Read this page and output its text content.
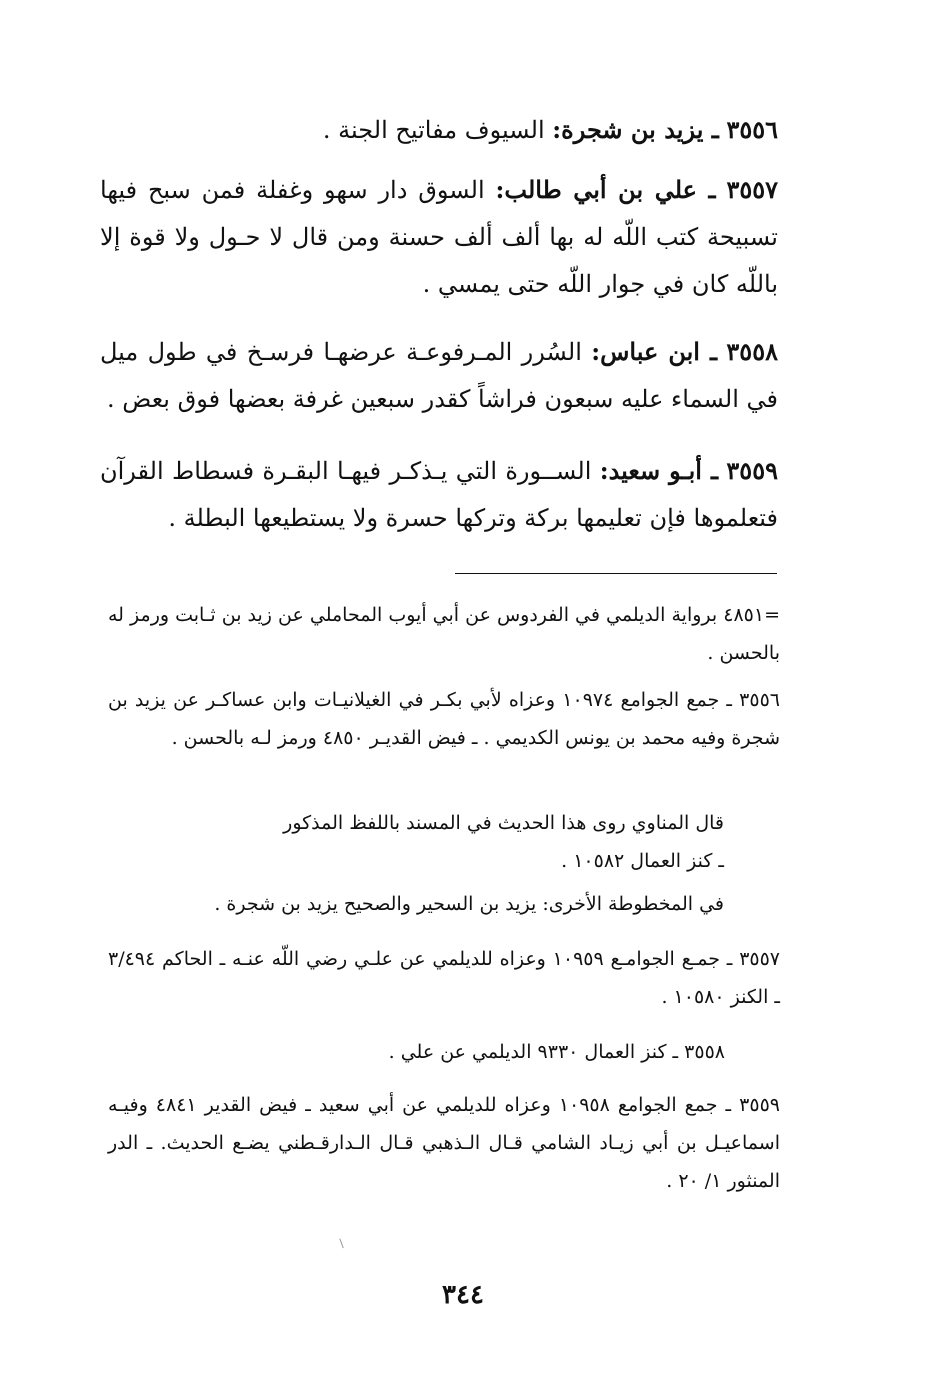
٣٥٥٦ ـ يزيد بن شجرة: السيوف مفاتيح الجنة .

٣٥٥٧ ـ علي بن أبي طالب: السوق دار سهو وغفلة فمن سبح فيها تسبيحة كتب اللّه له بها ألف ألف حسنة ومن قال لا حـول ولا قوة إلا باللّه كان في جوار اللّه حتى يمسي .

٣٥٥٨ ـ ابن عباس: السُرر المـرفوعـة عرضهـا فرسـخ في طول ميل في السماء عليه سبعون فراشاً كقدر سبعين غرفة بعضها فوق بعض .

٣٥٥٩ ـ أبـو سعيد: الســورة التي يـذكـر فيهـا البقـرة فسطاط القرآن فتعلموها فإن تعليمها بركة وتركها حسرة ولا يستطيعها البطلة .

=٤٨٥١ برواية الديلمي في الفردوس عن أبي أيوب المحاملي عن زيد بن ثـابت ورمز له بالحسن .

٣٥٥٦ ـ جمع الجوامع ١٠٩٧٤ وعزاه لأبي بكـر في الغيلانيـات وابن عساكـر عن يزيد بن شجرة وفيه محمد بن يونس الكديمي . ـ فيض القديـر ٤٨٥٠ ورمز لـه بالحسن .

قال المناوي روى هذا الحديث في المسند باللفظ المذكور

ـ كنز العمال ١٠٥٨٢ .

في المخطوطة الأخرى: يزيد بن السحير والصحيح يزيد بن شجرة .

٣٥٥٧ ـ جمـع الجوامـع ١٠٩٥٩ وعزاه للديلمي عن علـي رضي اللّه عنـه ـ الحاكم ٣/٤٩٤ ـ الكنز ١٠٥٨٠ .

٣٥٥٨ ـ كنز العمال ٩٣٣٠ الديلمي عن علي .

٣٥٥٩ ـ جمع الجوامع ١٠٩٥٨ وعزاه للديلمي عن أبي سعيد ـ فيض القدير ٤٨٤١ وفيـه اسماعيـل بن أبي زيـاد الشامي قـال الـذهبي قـال الـدارقـطني يضـع الحديث. ـ الدر المنثور ١/ ٢٠ .

٣٤٤
